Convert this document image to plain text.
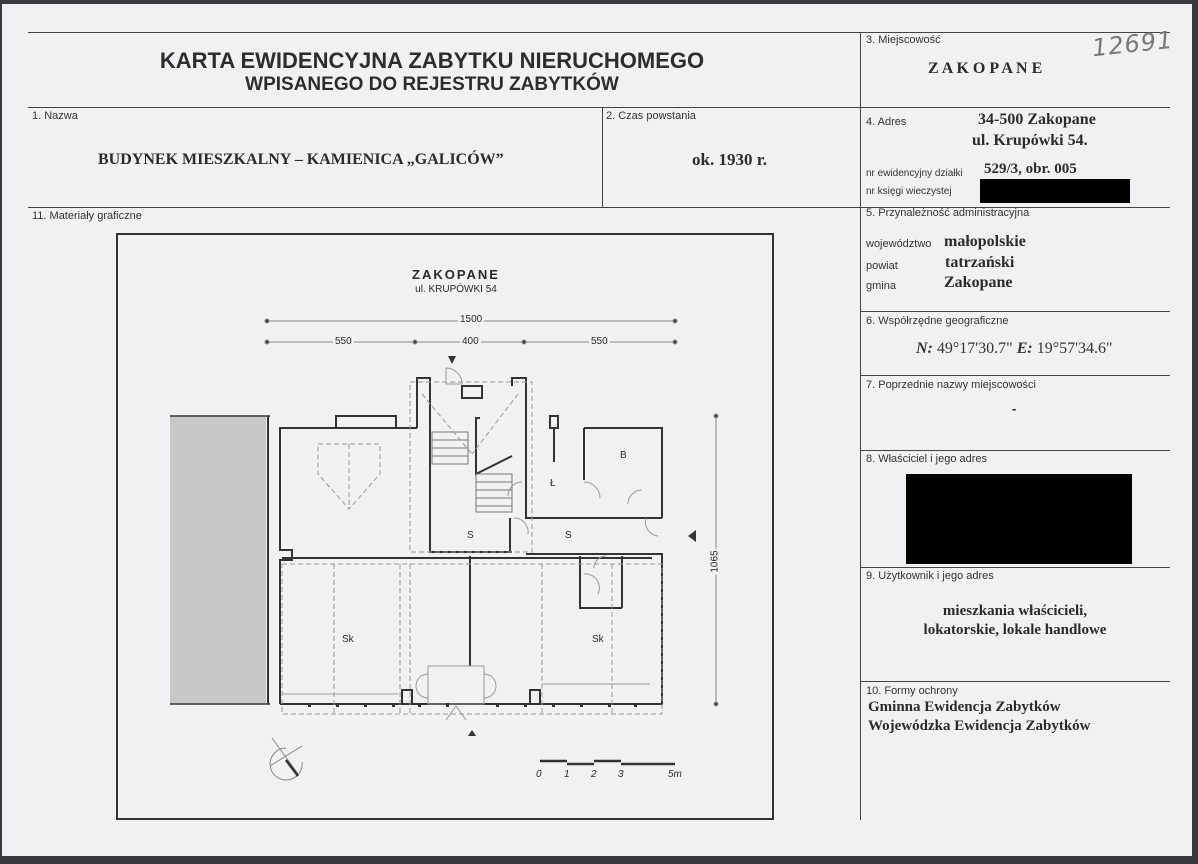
KARTA EWIDENCYJNA ZABYTKU NIERUCHOMEGO
WPISANEGO DO REJESTRU ZABYTKÓW
3. Miejscowość
Z A K O P A N E
12691
1. Nazwa
BUDYNEK MIESZKALNY – KAMIENICA „GALICÓW”
2. Czas powstania
ok. 1930 r.
4. Adres	34-500 Zakopane
ul. Krupówki 54.
nr ewidencyjny działki 529/3, obr. 005
nr księgi wieczystej
5. Przynależność administracyjna
województwo małopolskie
powiat	tatrzański
gmina	Zakopane
6. Współrzędne geograficzne
N: 49°17'30.7" E: 19°57'34.6"
7. Poprzednie nazwy miejscowości
-
8. Właściciel i jego adres
9. Użytkownik i jego adres
mieszkania właścicieli,
lokatorskie, lokale handlowe
10. Formy ochrony
Gminna Ewidencja Zabytków
Wojewódzka Ewidencja Zabytków
11. Materiały graficzne
ZAKOPANE
ul. KRUPÓWKI 54
1500
550	400	550
1065
B
Ł
S	S
Sk	Sk
0 1 2 3	5m
